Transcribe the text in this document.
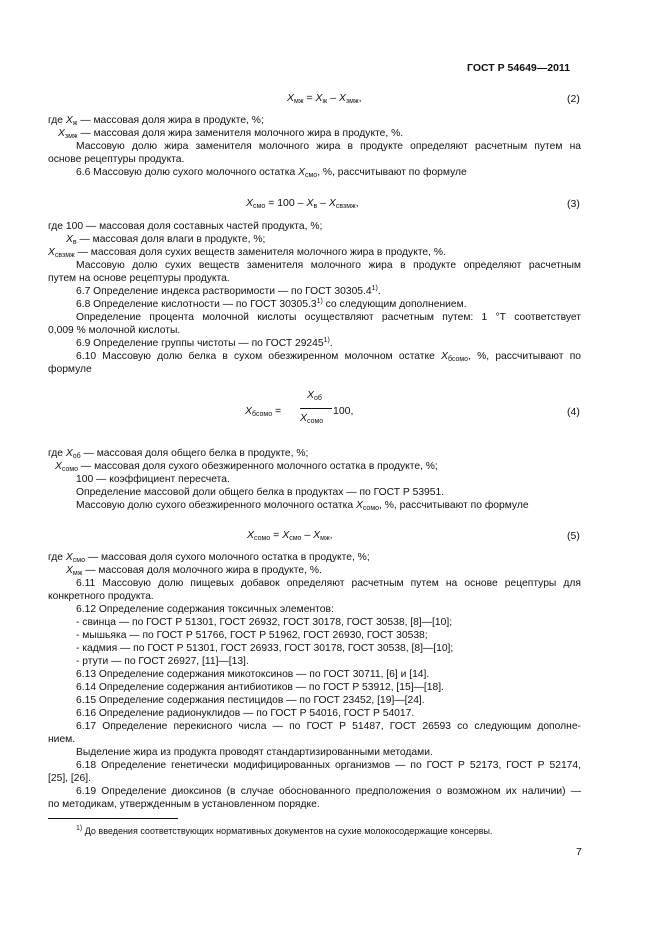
ГОСТ Р 54649—2011
$X_{мж} = X_ж - X_{змж}$,	(2)
где $X_ж$ — массовая доля жира в продукте, %;
$X_{змж}$ — массовая доля жира заменителя молочного жира в продукте, %.
Массовую долю жира заменителя молочного жира в продукте определяют расчетным путем на
основе рецептуры продукта.
6.6 Массовую долю сухого молочного остатка $X_{смо}$, %, рассчитывают по формуле
$X_{смо} = 100 - X_в - X_{свзмж}$,	(3)
где 100 — массовая доля составных частей продукта, %;
$X_в$ — массовая доля влаги в продукте, %;
$X_{свзмж}$ — массовая доля сухих веществ заменителя молочного жира в продукте, %.
Массовую долю сухих веществ заменителя молочного жира в продукте определяют расчетным
путем на основе рецептуры продукта.
6.7 Определение индекса растворимости — по ГОСТ 30305.4$^{1)}$.
6.8 Определение кислотности — по ГОСТ 30305.3$^{1)}$ со следующим дополнением.
Определение процента молочной кислоты осуществляют расчетным путем: 1 °Т соответствует
0,009 % молочной кислоты.
6.9 Определение группы чистоты — по ГОСТ 29245$^{1)}$.
6.10 Массовую долю белка в сухом обезжиренном молочном остатке $X_{бсомо}$, %, рассчитывают по
формуле
$X_{бсомо}$ =
$X_{об}$
$X_{сомо}$
100,	(4)
где $X_{об}$ — массовая доля общего белка в продукте, %;
$X_{сомо}$ — массовая доля сухого обезжиренного молочного остатка в продукте, %;
100 — коэффициент пересчета.
Определение массовой доли общего белка в продуктах — по ГОСТ Р 53951.
Массовую долю сухого обезжиренного молочного остатка $X_{сомо}$, %, рассчитывают по формуле
$X_{сомо} = X_{смо} - X_{мж}$,	(5)
где $X_{смо}$ — массовая доля сухого молочного остатка в продукте, %;
$X_{мж}$ — массовая доля молочного жира в продукте, %.
6.11 Массовую долю пищевых добавок определяют расчетным путем на основе рецептуры для
конкретного продукта.
6.12 Определение содержания токсичных элементов:
- свинца — по ГОСТ Р 51301, ГОСТ 26932, ГОСТ 30178, ГОСТ 30538, [8]—[10];
- мышьяка — по ГОСТ Р 51766, ГОСТ Р 51962, ГОСТ 26930, ГОСТ 30538;
- кадмия — по ГОСТ Р 51301, ГОСТ 26933, ГОСТ 30178, ГОСТ 30538, [8]—[10];
- ртути — по ГОСТ 26927, [11]—[13].
6.13 Определение содержания микотоксинов — по ГОСТ 30711, [6] и [14].
6.14 Определение содержания антибиотиков — по ГОСТ Р 53912, [15]—[18].
6.15 Определение содержания пестицидов — по ГОСТ 23452, [19]—[24].
6.16 Определение радионуклидов — по ГОСТ Р 54016, ГОСТ Р 54017.
6.17 Определение перекисного числа — по ГОСТ Р 51487, ГОСТ 26593 со следующим дополне-
нием.
Выделение жира из продукта проводят стандартизированными методами.
6.18 Определение генетически модифицированных организмов — по ГОСТ Р 52173, ГОСТ Р 52174,
[25], [26].
6.19 Определение диоксинов (в случае обоснованного предположения о возможном их наличии) —
по методикам, утвержденным в установленном порядке.
$^{1)}$ До введения соответствующих нормативных документов на сухие молокосодержащие консервы.
7
